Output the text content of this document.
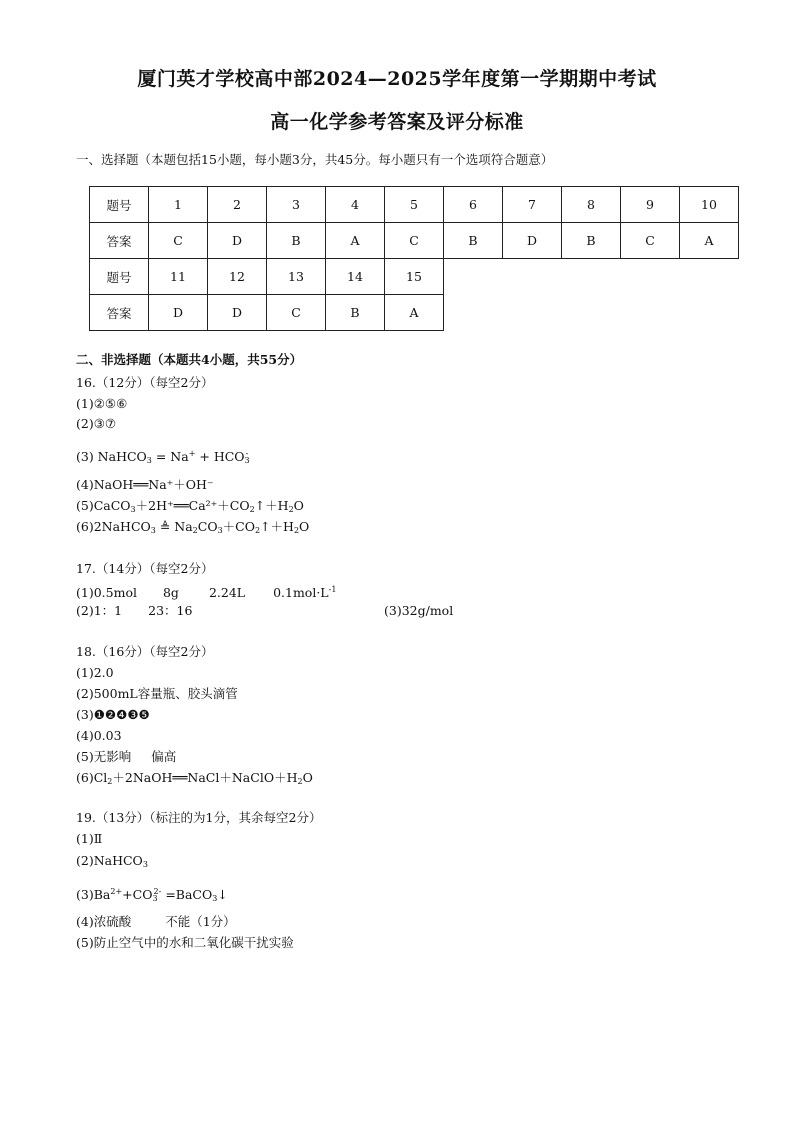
厦门英才学校高中部2024—2025学年度第一学期期中考试
高一化学参考答案及评分标准
一、选择题（本题包括15小题，每小题3分，共45分。每小题只有一个选项符合题意）
题号	1	2	3	4	5	6	7	8	9	10
答案	C	D	B	A	C	B	D	B	C	A
题号	11	12	13	14	15					
答案	D	D	C	B	A					
二、非选择题（本题共4小题，共55分）
16.（12分）（每空2分）
(1)②⑤⑥
(2)③⑦
(3) NaHCO$_3$ = $Na^+ + HCO_3^-$
(4)NaOH══Na⁺＋OH⁻
$(5)CaCO_3+2H^+══Ca^{2+}+CO_2↑+H_2O$
(6)2NaHCO$_3$ ≜ $Na_2CO_3+CO_2↑+H_2O$
17.（14分）（每空2分）
(1)0.5mol 8g 2.24L $0.1mol\cdot L^{-1}$
(2)1：1 23：16	(3)32g/mol
18.（16分）（每空2分）
(1)2.0
(2)500mL容量瓶、胶头滴管
(3)❶❷❹❸❺
(4)0.03
(5)无影响 偏高
$(6)Cl_2+2NaOH══NaCl+NaClO+H_2O$
19.（13分）（标注的为1分，其余每空2分）
(1)Ⅱ
(2)NaHCO$_3$
$(3)Ba^{2+}+CO_3^{2-}$ =BaCO$_3$↓
(4)浓硫酸	不能（1分）
(5)防止空气中的水和二氧化碳干扰实验
